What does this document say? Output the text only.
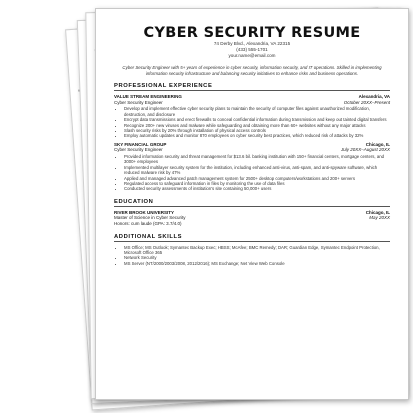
CYBER SECURITY RESUME
74 Derby Blvd., Alexandria, VA 22315
(433) 555-1701
your.name@email.com
Cyber Security Engineer with 5+ years of experience in cyber security, information security, and IT operations. Skilled in implementing information security infrastructure and balancing security initiatives to enhance risks and business operations.
PROFESSIONAL EXPERIENCE
VALUE STREAM ENGINEERING	Alexandria, VA
Cyber Security Engineer	October 20XX–Present
• Develop and implement effective cyber security plans to maintain the security of computer files against unauthorized modification, destruction, and disclosure
• Encrypt data transmissions and erect firewalls to conceal confidential information during transmission and keep out tainted digital transfers
• Recognize 200+ new viruses and malware while safeguarding and obtaining more than 60+ websites without any major attacks
• Slash security risks by 20% through installation of physical access controls
• Employ automatic updates and monitor 870 employees on cyber security best practices, which reduced risk of attacks by 32%
SKY FINANCIAL GROUP	Chicago, IL
Cyber Security Engineer	July 20XX–August 20XX
• Provided information security and threat management for $13.6 bil. banking institution with 150+ financial centers, mortgage centers, and 3000+ employees
• Implemented multilayer security system for the institution, including enhanced anti-virus, anti-spam, and anti-spyware software, which reduced malware risk by 47%
• Applied and managed advanced patch management system for 2500+ desktop computers/workstations and 200+ servers
• Regulated access to safeguard information in files by monitoring the use of data files
• Conducted security assessments of institution's site containing 50,000+ users
EDUCATION
RIVER BROOK UNIVERSITY	Chicago, IL
Master of Science in Cyber Security	May 20XX
Honors: cum laude (GPA: 3.7/4.0)
ADDITIONAL SKILLS
• MS Office; MS Outlook; Symantec Backup Exec; HBSS; McAfee; BMC Remedy; DAR; Guardian Edge, Symantec Endpoint Protection, Microsoft Office 365
• Network Security
• MS Server (NT/2000/2003/2008, 2012/2016); MS Exchange; Net View Web Console
